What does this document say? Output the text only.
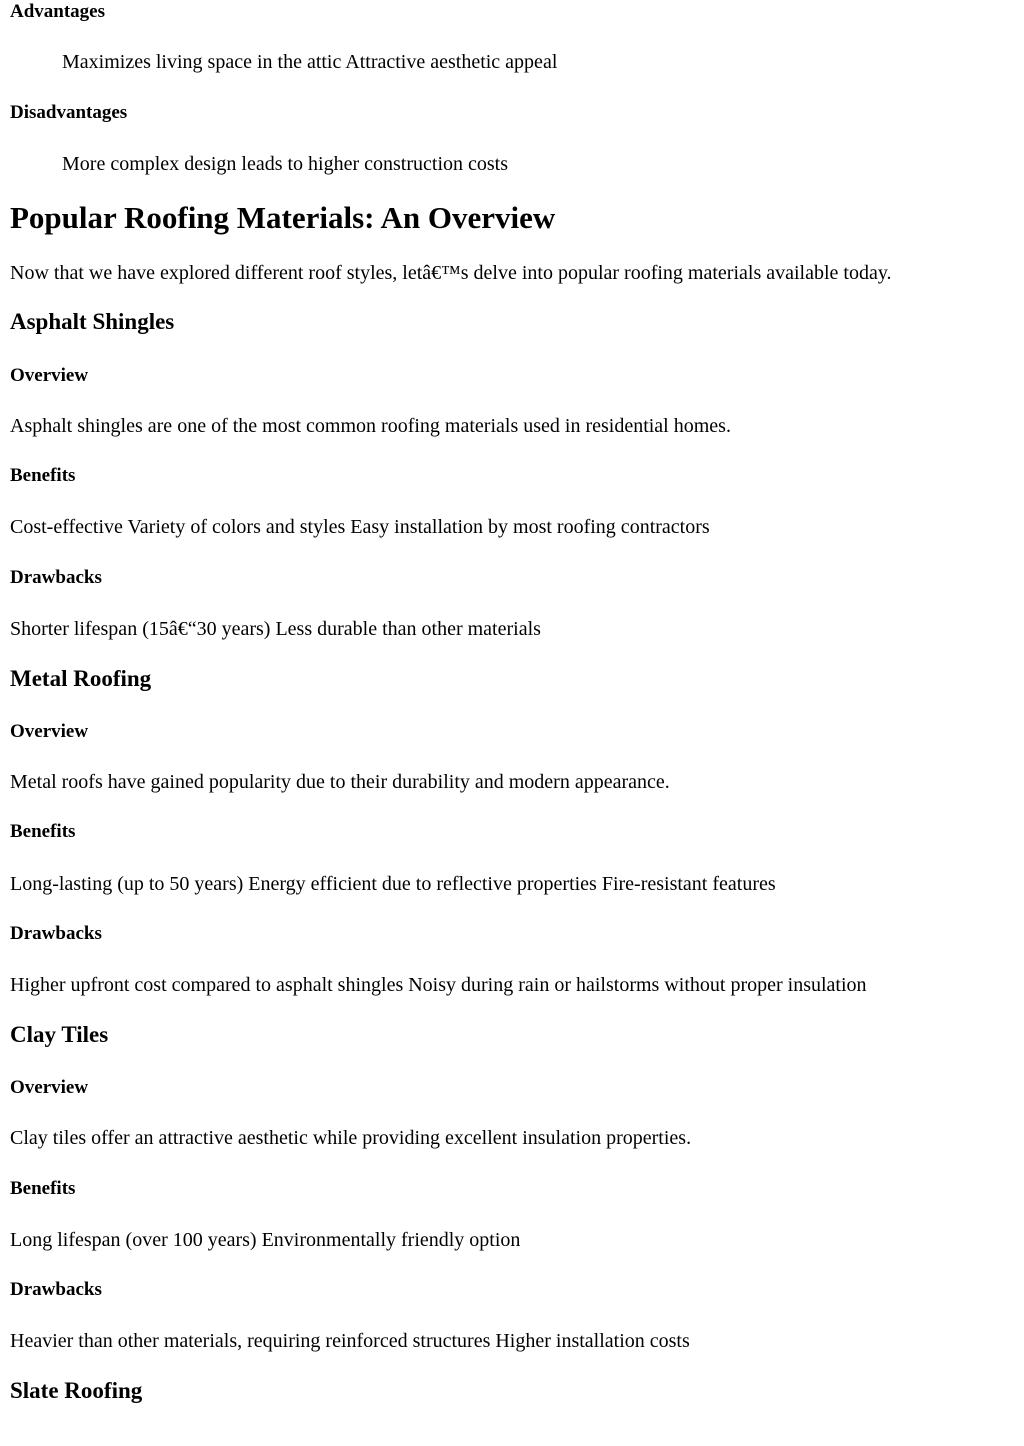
Advantages

Maximizes living space in the attic Attractive aesthetic appeal

Disadvantages

More complex design leads to higher construction costs

Popular Roofing Materials: An Overview

Now that we have explored different roof styles, letâ€™s delve into popular roofing materials available today.

Asphalt Shingles
Overview

Asphalt shingles are one of the most common roofing materials used in residential homes.

Benefits

Cost-effective Variety of colors and styles Easy installation by most roofing contractors

Drawbacks

Shorter lifespan (15â€“30 years) Less durable than other materials

Metal Roofing
Overview

Metal roofs have gained popularity due to their durability and modern appearance.

Benefits

Long-lasting (up to 50 years) Energy efficient due to reflective properties Fire-resistant features

Drawbacks

Higher upfront cost compared to asphalt shingles Noisy during rain or hailstorms without proper insulation

Clay Tiles
Overview

Clay tiles offer an attractive aesthetic while providing excellent insulation properties.

Benefits

Long lifespan (over 100 years) Environmentally friendly option

Drawbacks

Heavier than other materials, requiring reinforced structures Higher installation costs

Slate Roofing
